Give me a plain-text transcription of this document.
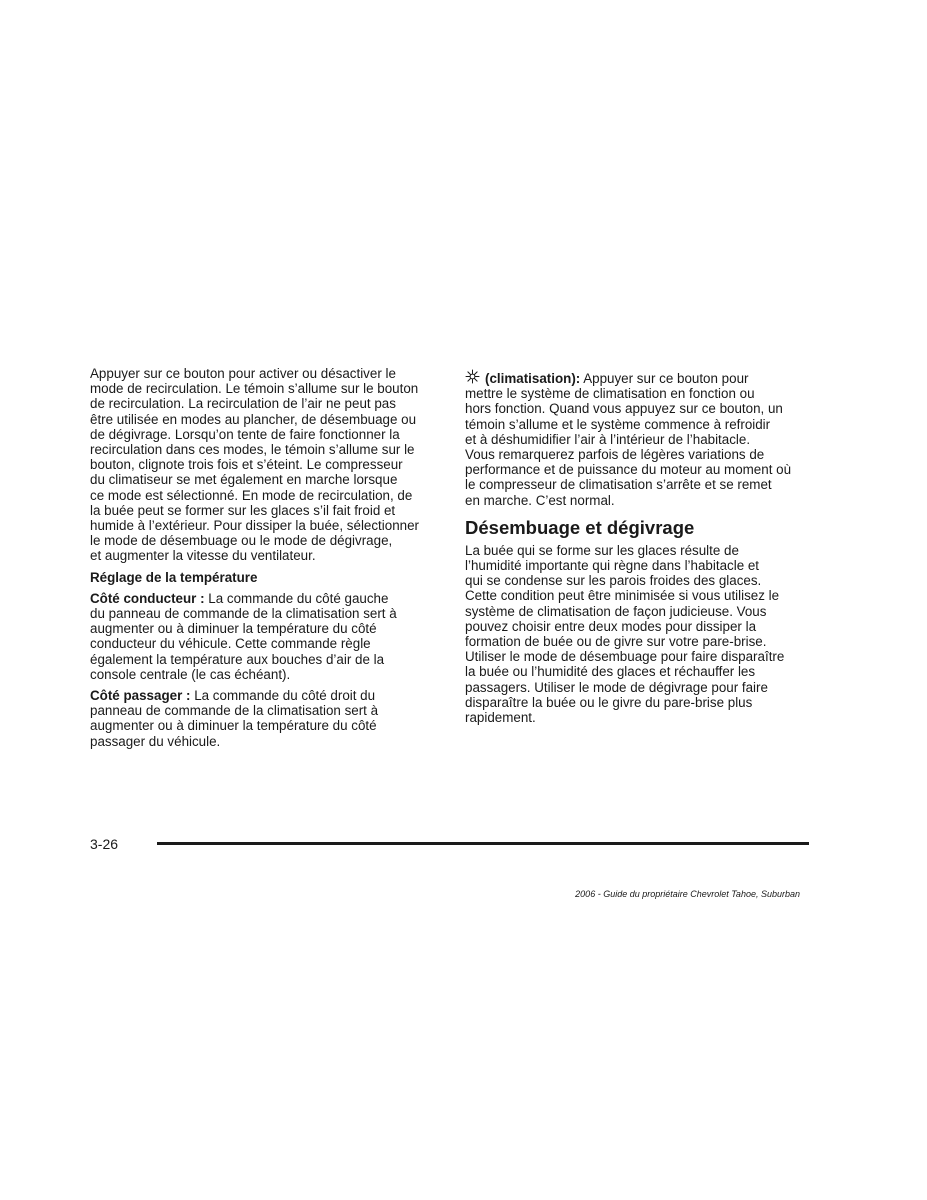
Appuyer sur ce bouton pour activer ou désactiver le
mode de recirculation. Le témoin s’allume sur le bouton
de recirculation. La recirculation de l’air ne peut pas
être utilisée en modes au plancher, de désembuage ou
de dégivrage. Lorsqu’on tente de faire fonctionner la
recirculation dans ces modes, le témoin s’allume sur le
bouton, clignote trois fois et s’éteint. Le compresseur
du climatiseur se met également en marche lorsque
ce mode est sélectionné. En mode de recirculation, de
la buée peut se former sur les glaces s’il fait froid et
humide à l’extérieur. Pour dissiper la buée, sélectionner
le mode de désembuage ou le mode de dégivrage,
et augmenter la vitesse du ventilateur.
Réglage de la température
Côté conducteur : La commande du côté gauche
du panneau de commande de la climatisation sert à
augmenter ou à diminuer la température du côté
conducteur du véhicule. Cette commande règle
également la température aux bouches d’air de la
console centrale (le cas échéant).
Côté passager : La commande du côté droit du
panneau de commande de la climatisation sert à
augmenter ou à diminuer la température du côté
passager du véhicule.
(climatisation): Appuyer sur ce bouton pour
mettre le système de climatisation en fonction ou
hors fonction. Quand vous appuyez sur ce bouton, un
témoin s’allume et le système commence à refroidir
et à déshumidifier l’air à l’intérieur de l’habitacle.
Vous remarquerez parfois de légères variations de
performance et de puissance du moteur au moment où
le compresseur de climatisation s’arrête et se remet
en marche. C’est normal.
Désembuage et dégivrage
La buée qui se forme sur les glaces résulte de
l’humidité importante qui règne dans l’habitacle et
qui se condense sur les parois froides des glaces.
Cette condition peut être minimisée si vous utilisez le
système de climatisation de façon judicieuse. Vous
pouvez choisir entre deux modes pour dissiper la
formation de buée ou de givre sur votre pare-brise.
Utiliser le mode de désembuage pour faire disparaître
la buée ou l’humidité des glaces et réchauffer les
passagers. Utiliser le mode de dégivrage pour faire
disparaître la buée ou le givre du pare-brise plus
rapidement.
3-26
2006 - Guide du propriétaire Chevrolet Tahoe, Suburban
